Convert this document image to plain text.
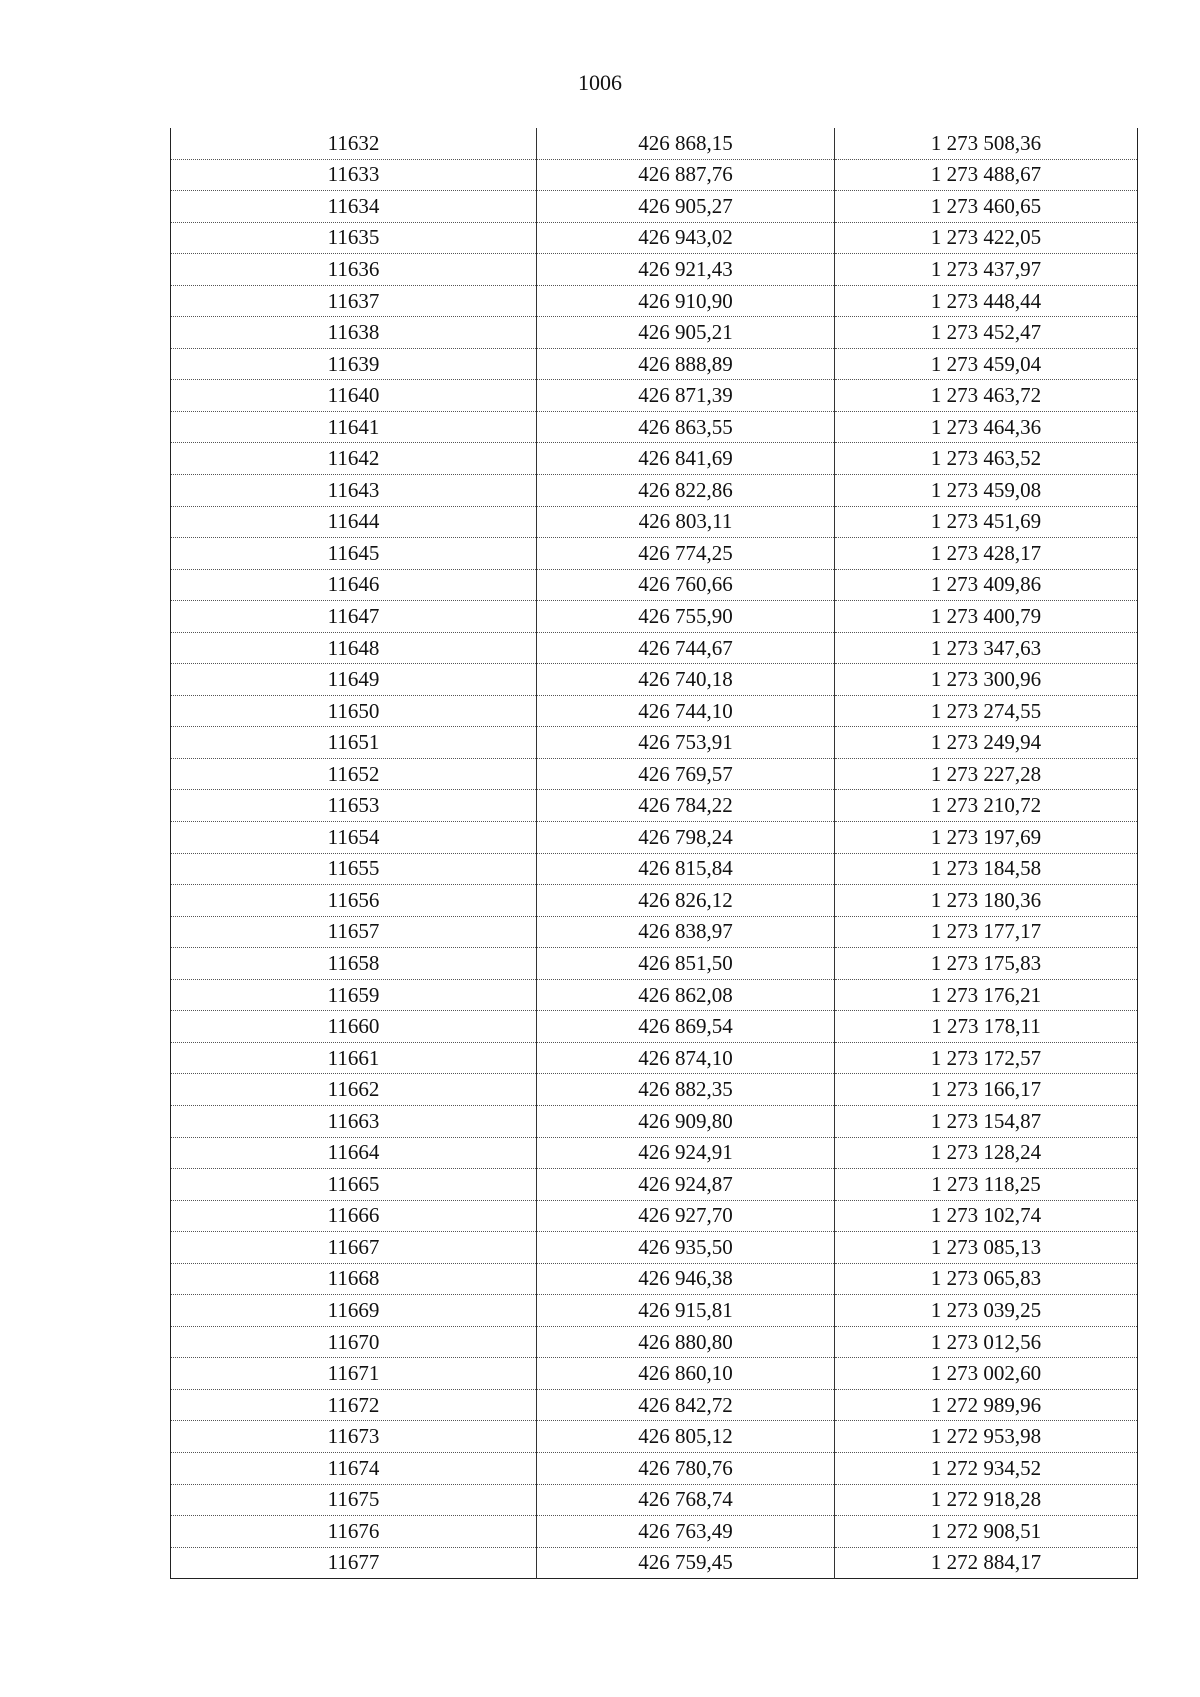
1006
11632	426 868,15	1 273 508,36
11633	426 887,76	1 273 488,67
11634	426 905,27	1 273 460,65
11635	426 943,02	1 273 422,05
11636	426 921,43	1 273 437,97
11637	426 910,90	1 273 448,44
11638	426 905,21	1 273 452,47
11639	426 888,89	1 273 459,04
11640	426 871,39	1 273 463,72
11641	426 863,55	1 273 464,36
11642	426 841,69	1 273 463,52
11643	426 822,86	1 273 459,08
11644	426 803,11	1 273 451,69
11645	426 774,25	1 273 428,17
11646	426 760,66	1 273 409,86
11647	426 755,90	1 273 400,79
11648	426 744,67	1 273 347,63
11649	426 740,18	1 273 300,96
11650	426 744,10	1 273 274,55
11651	426 753,91	1 273 249,94
11652	426 769,57	1 273 227,28
11653	426 784,22	1 273 210,72
11654	426 798,24	1 273 197,69
11655	426 815,84	1 273 184,58
11656	426 826,12	1 273 180,36
11657	426 838,97	1 273 177,17
11658	426 851,50	1 273 175,83
11659	426 862,08	1 273 176,21
11660	426 869,54	1 273 178,11
11661	426 874,10	1 273 172,57
11662	426 882,35	1 273 166,17
11663	426 909,80	1 273 154,87
11664	426 924,91	1 273 128,24
11665	426 924,87	1 273 118,25
11666	426 927,70	1 273 102,74
11667	426 935,50	1 273 085,13
11668	426 946,38	1 273 065,83
11669	426 915,81	1 273 039,25
11670	426 880,80	1 273 012,56
11671	426 860,10	1 273 002,60
11672	426 842,72	1 272 989,96
11673	426 805,12	1 272 953,98
11674	426 780,76	1 272 934,52
11675	426 768,74	1 272 918,28
11676	426 763,49	1 272 908,51
11677	426 759,45	1 272 884,17
